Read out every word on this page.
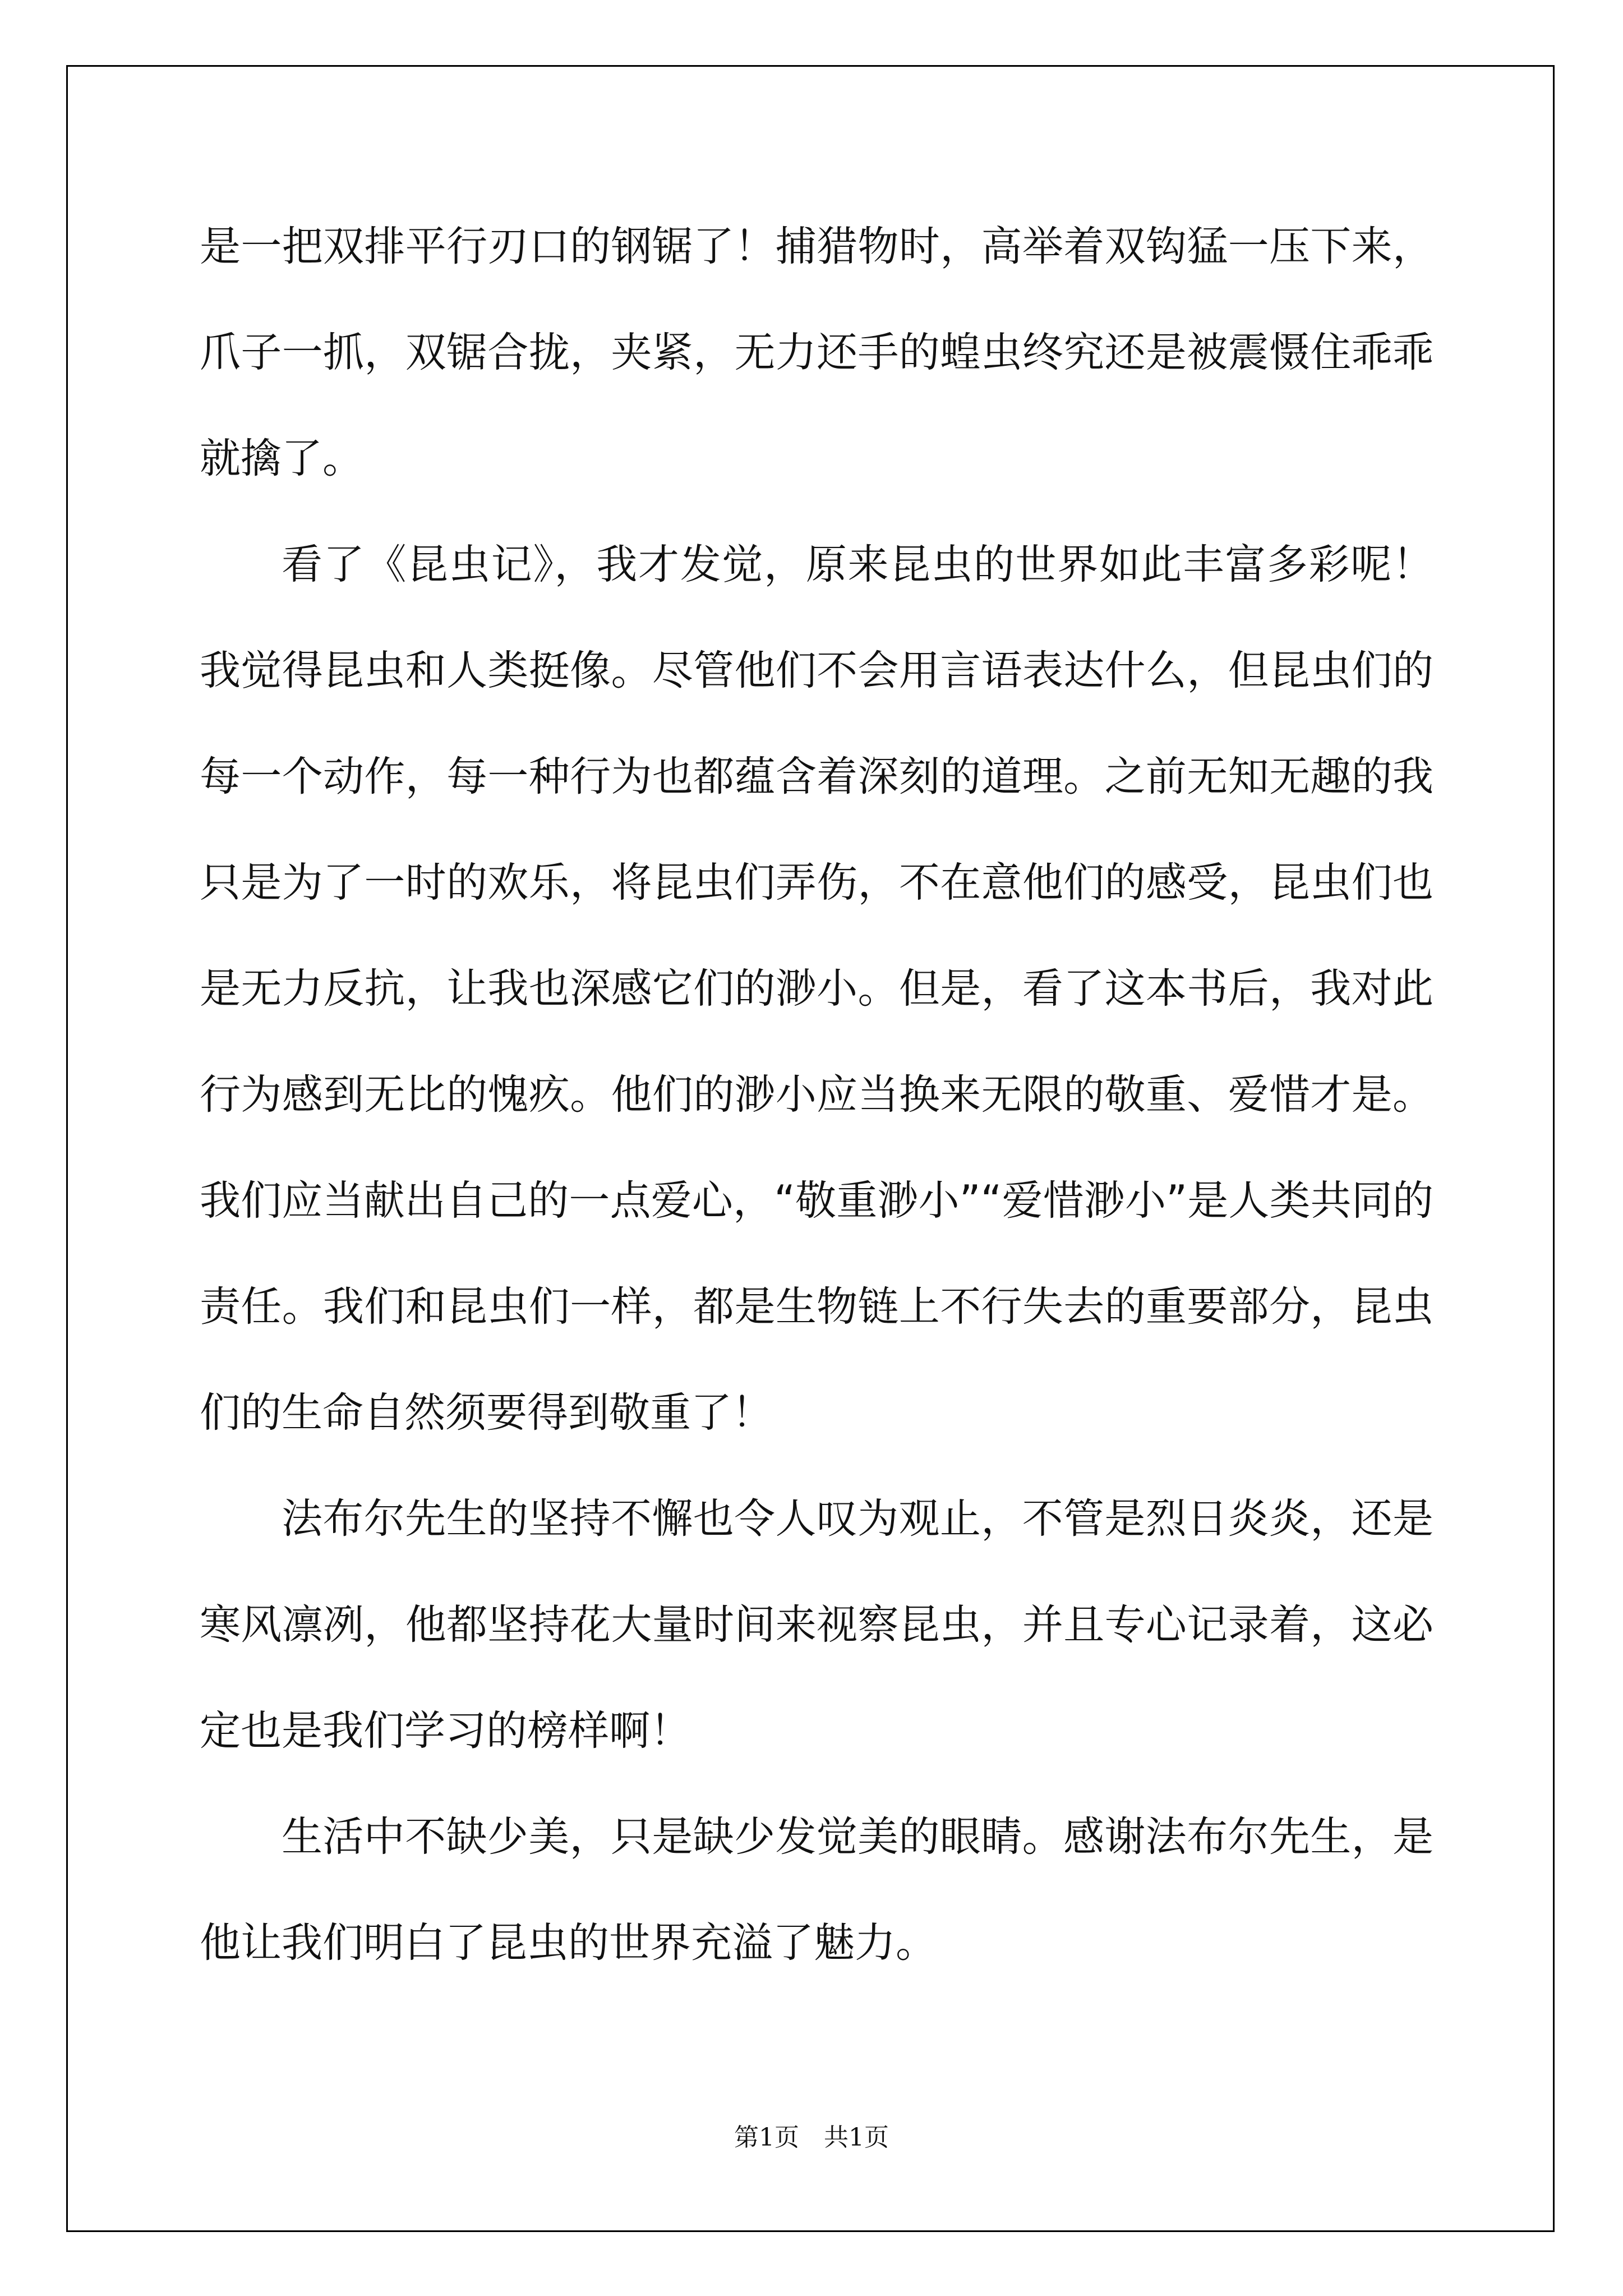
是一把双排平行刃口的钢锯了！捕猎物时，高举着双钩猛一压下来，爪子一抓，双锯合拢，夹紧，无力还手的蝗虫终究还是被震慑住乖乖就擒了。

看了《昆虫记》，我才发觉，原来昆虫的世界如此丰富多彩呢！我觉得昆虫和人类挺像。尽管他们不会用言语表达什么，但昆虫们的每一个动作，每一种行为也都蕴含着深刻的道理。之前无知无趣的我只是为了一时的欢乐，将昆虫们弄伤，不在意他们的感受，昆虫们也是无力反抗，让我也深感它们的渺小。但是，看了这本书后，我对此行为感到无比的愧疚。他们的渺小应当换来无限的敬重、爱惜才是。我们应当献出自己的一点爱心，“敬重渺小”“爱惜渺小”是人类共同的责任。我们和昆虫们一样，都是生物链上不行失去的重要部分，昆虫们的生命自然须要得到敬重了！

法布尔先生的坚持不懈也令人叹为观止，不管是烈日炎炎，还是寒风凛冽，他都坚持花大量时间来视察昆虫，并且专心记录着，这必定也是我们学习的榜样啊！

生活中不缺少美，只是缺少发觉美的眼睛。感谢法布尔先生，是他让我们明白了昆虫的世界充溢了魅力。

第1页　共1页
